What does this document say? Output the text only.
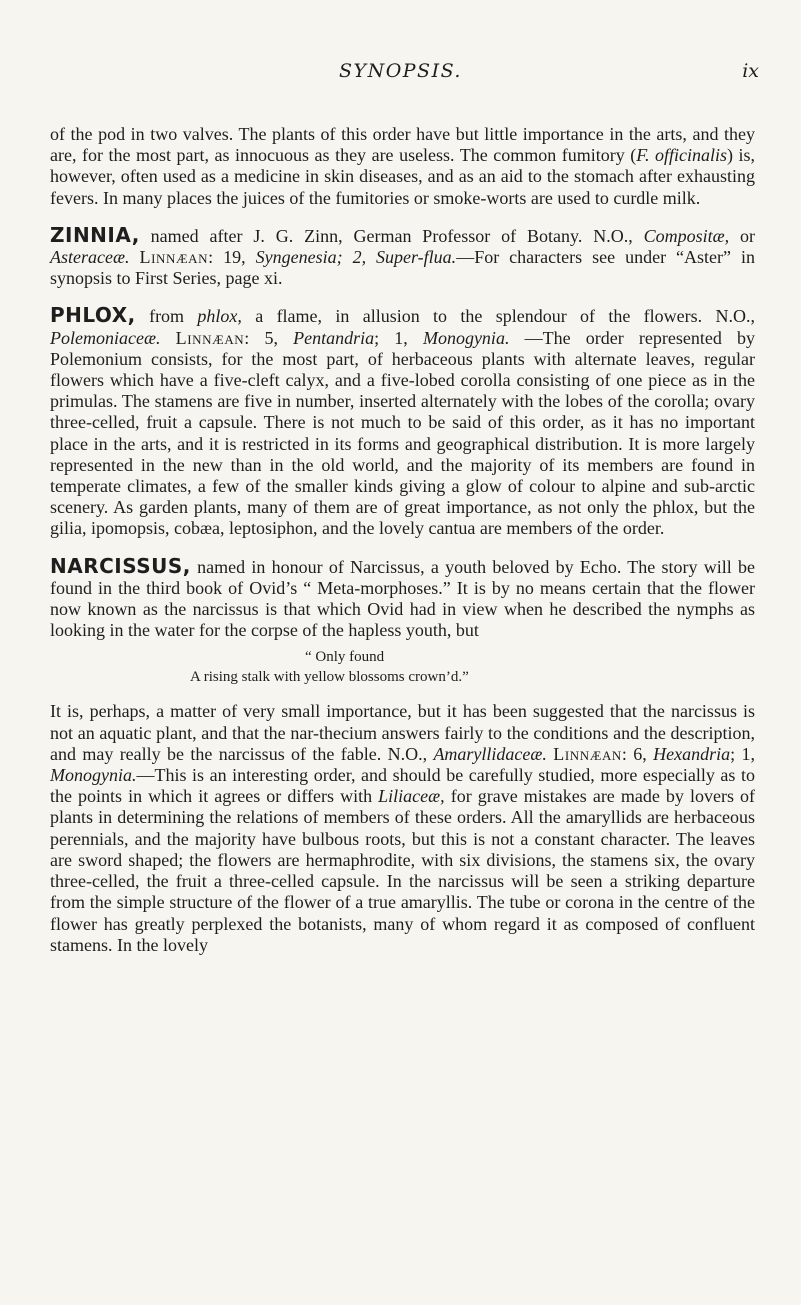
SYNOPSIS.	ix

of the pod in two valves. The plants of this order have but little importance in the arts, and they are, for the most part, as innocuous as they are useless. The common fumitory (F. officinalis) is, however, often used as a medicine in skin diseases, and as an aid to the stomach after exhausting fevers. In many places the juices of the fumitories or smoke-worts are used to curdle milk.

ZINNIA, named after J. G. Zinn, German Professor of Botany. N.O., Compositæ, or Asteraceæ. Linnæan: 19, Syngenesia; 2, Super-flua.—For characters see under “Aster” in synopsis to First Series, page xi.

PHLOX, from phlox, a flame, in allusion to the splendour of the flowers. N.O., Polemoniaceæ. Linnæan: 5, Pentandria; 1, Monogynia. —The order represented by Polemonium consists, for the most part, of herbaceous plants with alternate leaves, regular flowers which have a five-cleft calyx, and a five-lobed corolla consisting of one piece as in the primulas. The stamens are five in number, inserted alternately with the lobes of the corolla; ovary three-celled, fruit a capsule. There is not much to be said of this order, as it has no important place in the arts, and it is restricted in its forms and geographical distribution. It is more largely represented in the new than in the old world, and the majority of its members are found in temperate climates, a few of the smaller kinds giving a glow of colour to alpine and sub-arctic scenery. As garden plants, many of them are of great importance, as not only the phlox, but the gilia, ipomopsis, cobæa, leptosiphon, and the lovely cantua are members of the order.

NARCISSUS, named in honour of Narcissus, a youth beloved by Echo. The story will be found in the third book of Ovid’s “ Meta-morphoses.” It is by no means certain that the flower now known as the narcissus is that which Ovid had in view when he described the nymphs as looking in the water for the corpse of the hapless youth, but

“ Only found
A rising stalk with yellow blossoms crown’d.”

It is, perhaps, a matter of very small importance, but it has been suggested that the narcissus is not an aquatic plant, and that the nar-thecium answers fairly to the conditions and the description, and may really be the narcissus of the fable. N.O., Amaryllidaceæ. Linnæan: 6, Hexandria; 1, Monogynia.—This is an interesting order, and should be carefully studied, more especially as to the points in which it agrees or differs with Liliaceæ, for grave mistakes are made by lovers of plants in determining the relations of members of these orders. All the amaryllids are herbaceous perennials, and the majority have bulbous roots, but this is not a constant character. The leaves are sword shaped; the flowers are hermaphrodite, with six divisions, the stamens six, the ovary three-celled, the fruit a three-celled capsule. In the narcissus will be seen a striking departure from the simple structure of the flower of a true amaryllis. The tube or corona in the centre of the flower has greatly perplexed the botanists, many of whom regard it as composed of confluent stamens. In the lovely
